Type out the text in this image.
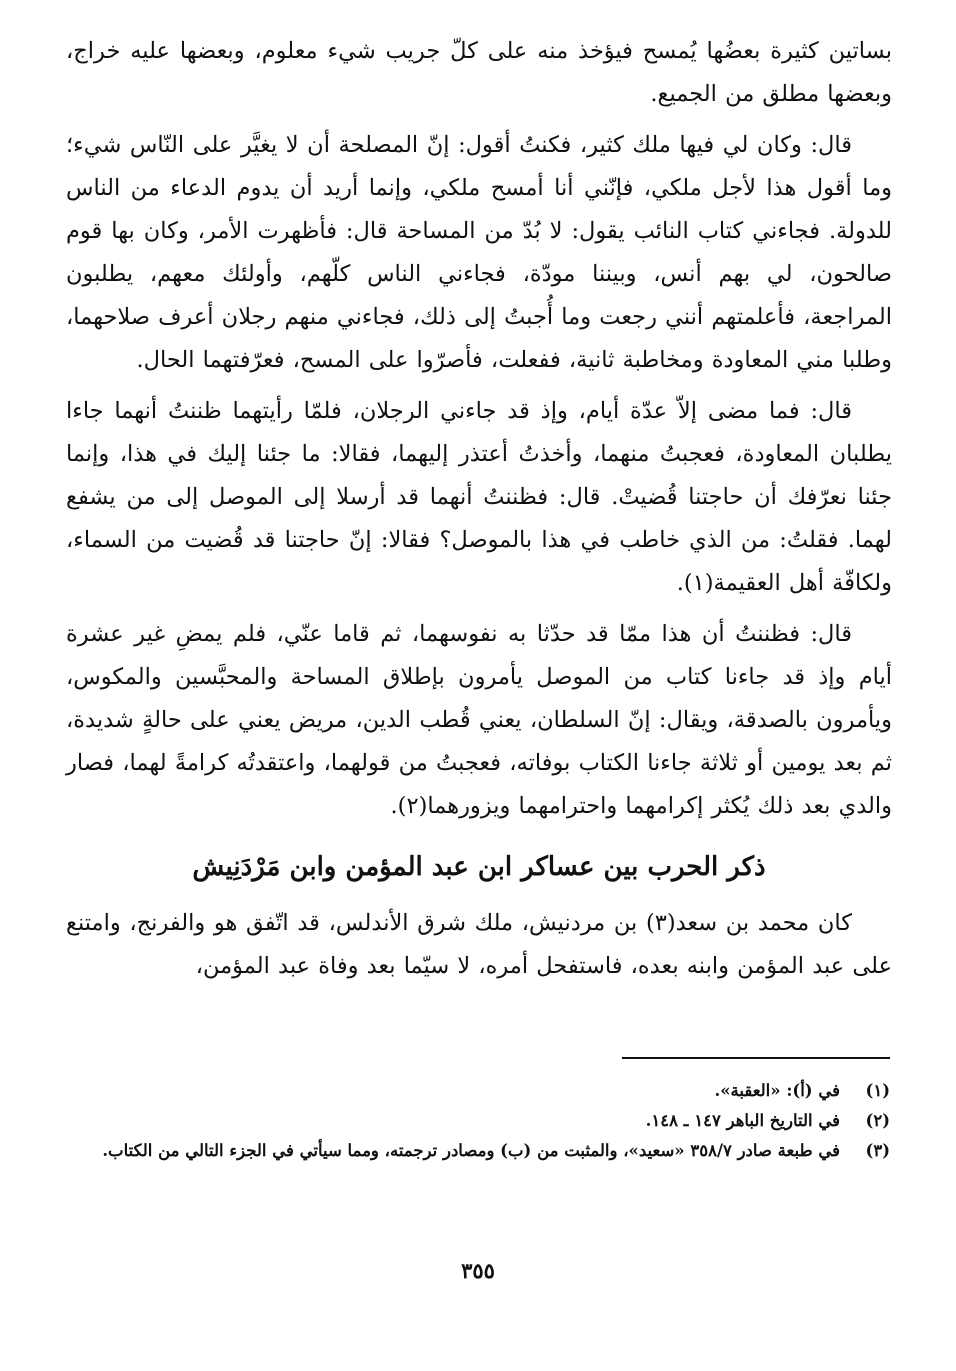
بساتين كثيرة بعضُها يُمسح فيؤخذ منه على كلّ جريب شيء معلوم، وبعضها عليه خراج، وبعضها مطلق من الجميع.

قال: وكان لي فيها ملك كثير، فكنتُ أقول: إنّ المصلحة أن لا يغيَّر على النّاس شيء؛ وما أقول هذا لأجل ملكي، فإنّني أنا أمسح ملكي، وإنما أريد أن يدوم الدعاء من الناس للدولة. فجاءني كتاب النائب يقول: لا بُدّ من المساحة قال: فأظهرت الأمر، وكان بها قوم صالحون، لي بهم أنس، وبيننا مودّة، فجاءني الناس كلّهم، وأولئك معهم، يطلبون المراجعة، فأعلمتهم أنني رجعت وما أُجبتُ إلى ذلك، فجاءني منهم رجلان أعرف صلاحهما، وطلبا مني المعاودة ومخاطبة ثانية، ففعلت، فأصرّوا على المسح، فعرّفتهما الحال.

قال: فما مضى إلاّ عدّة أيام، وإذ قد جاءني الرجلان، فلمّا رأيتهما ظننتُ أنهما جاءا يطلبان المعاودة، فعجبتُ منهما، وأخذتُ أعتذر إليهما، فقالا: ما جئنا إليك في هذا، وإنما جئنا نعرّفك أن حاجتنا قُضيتْ. قال: فظننتُ أنهما قد أرسلا إلى الموصل إلى من يشفع لهما. فقلتُ: من الذي خاطب في هذا بالموصل؟ فقالا: إنّ حاجتنا قد قُضيت من السماء، ولكافّة أهل العقيمة(١).

قال: فظننتُ أن هذا ممّا قد حدّثا به نفوسهما، ثم قاما عنّي، فلم يمضِ غير عشرة أيام وإذ قد جاءنا كتاب من الموصل يأمرون بإطلاق المساحة والمحبَّسين والمكوس، ويأمرون بالصدقة، ويقال: إنّ السلطان، يعني قُطب الدين، مريض يعني على حالةٍ شديدة، ثم بعد يومين أو ثلاثة جاءنا الكتاب بوفاته، فعجبتُ من قولهما، واعتقدتُه كرامةً لهما، فصار والدي بعد ذلك يُكثر إكرامهما واحترامهما ويزورهما(٢).

ذكر الحرب بين عساكر ابن عبد المؤمن وابن مَرْدَنِيش

كان محمد بن سعد(٣) بن مردنيش، ملك شرق الأندلس، قد اتّفق هو والفرنج، وامتنع على عبد المؤمن وابنه بعده، فاستفحل أمره، لا سيّما بعد وفاة عبد المؤمن،

(١)
في (أ): «العقبة».
(٢)
في التاريخ الباهر ١٤٧ ـ ١٤٨.
(٣)
في طبعة صادر ٣٥٨/٧ «سعيد»، والمثبت من (ب) ومصادر ترجمته، ومما سيأتي في الجزء التالي من الكتاب.
٣٥٥
